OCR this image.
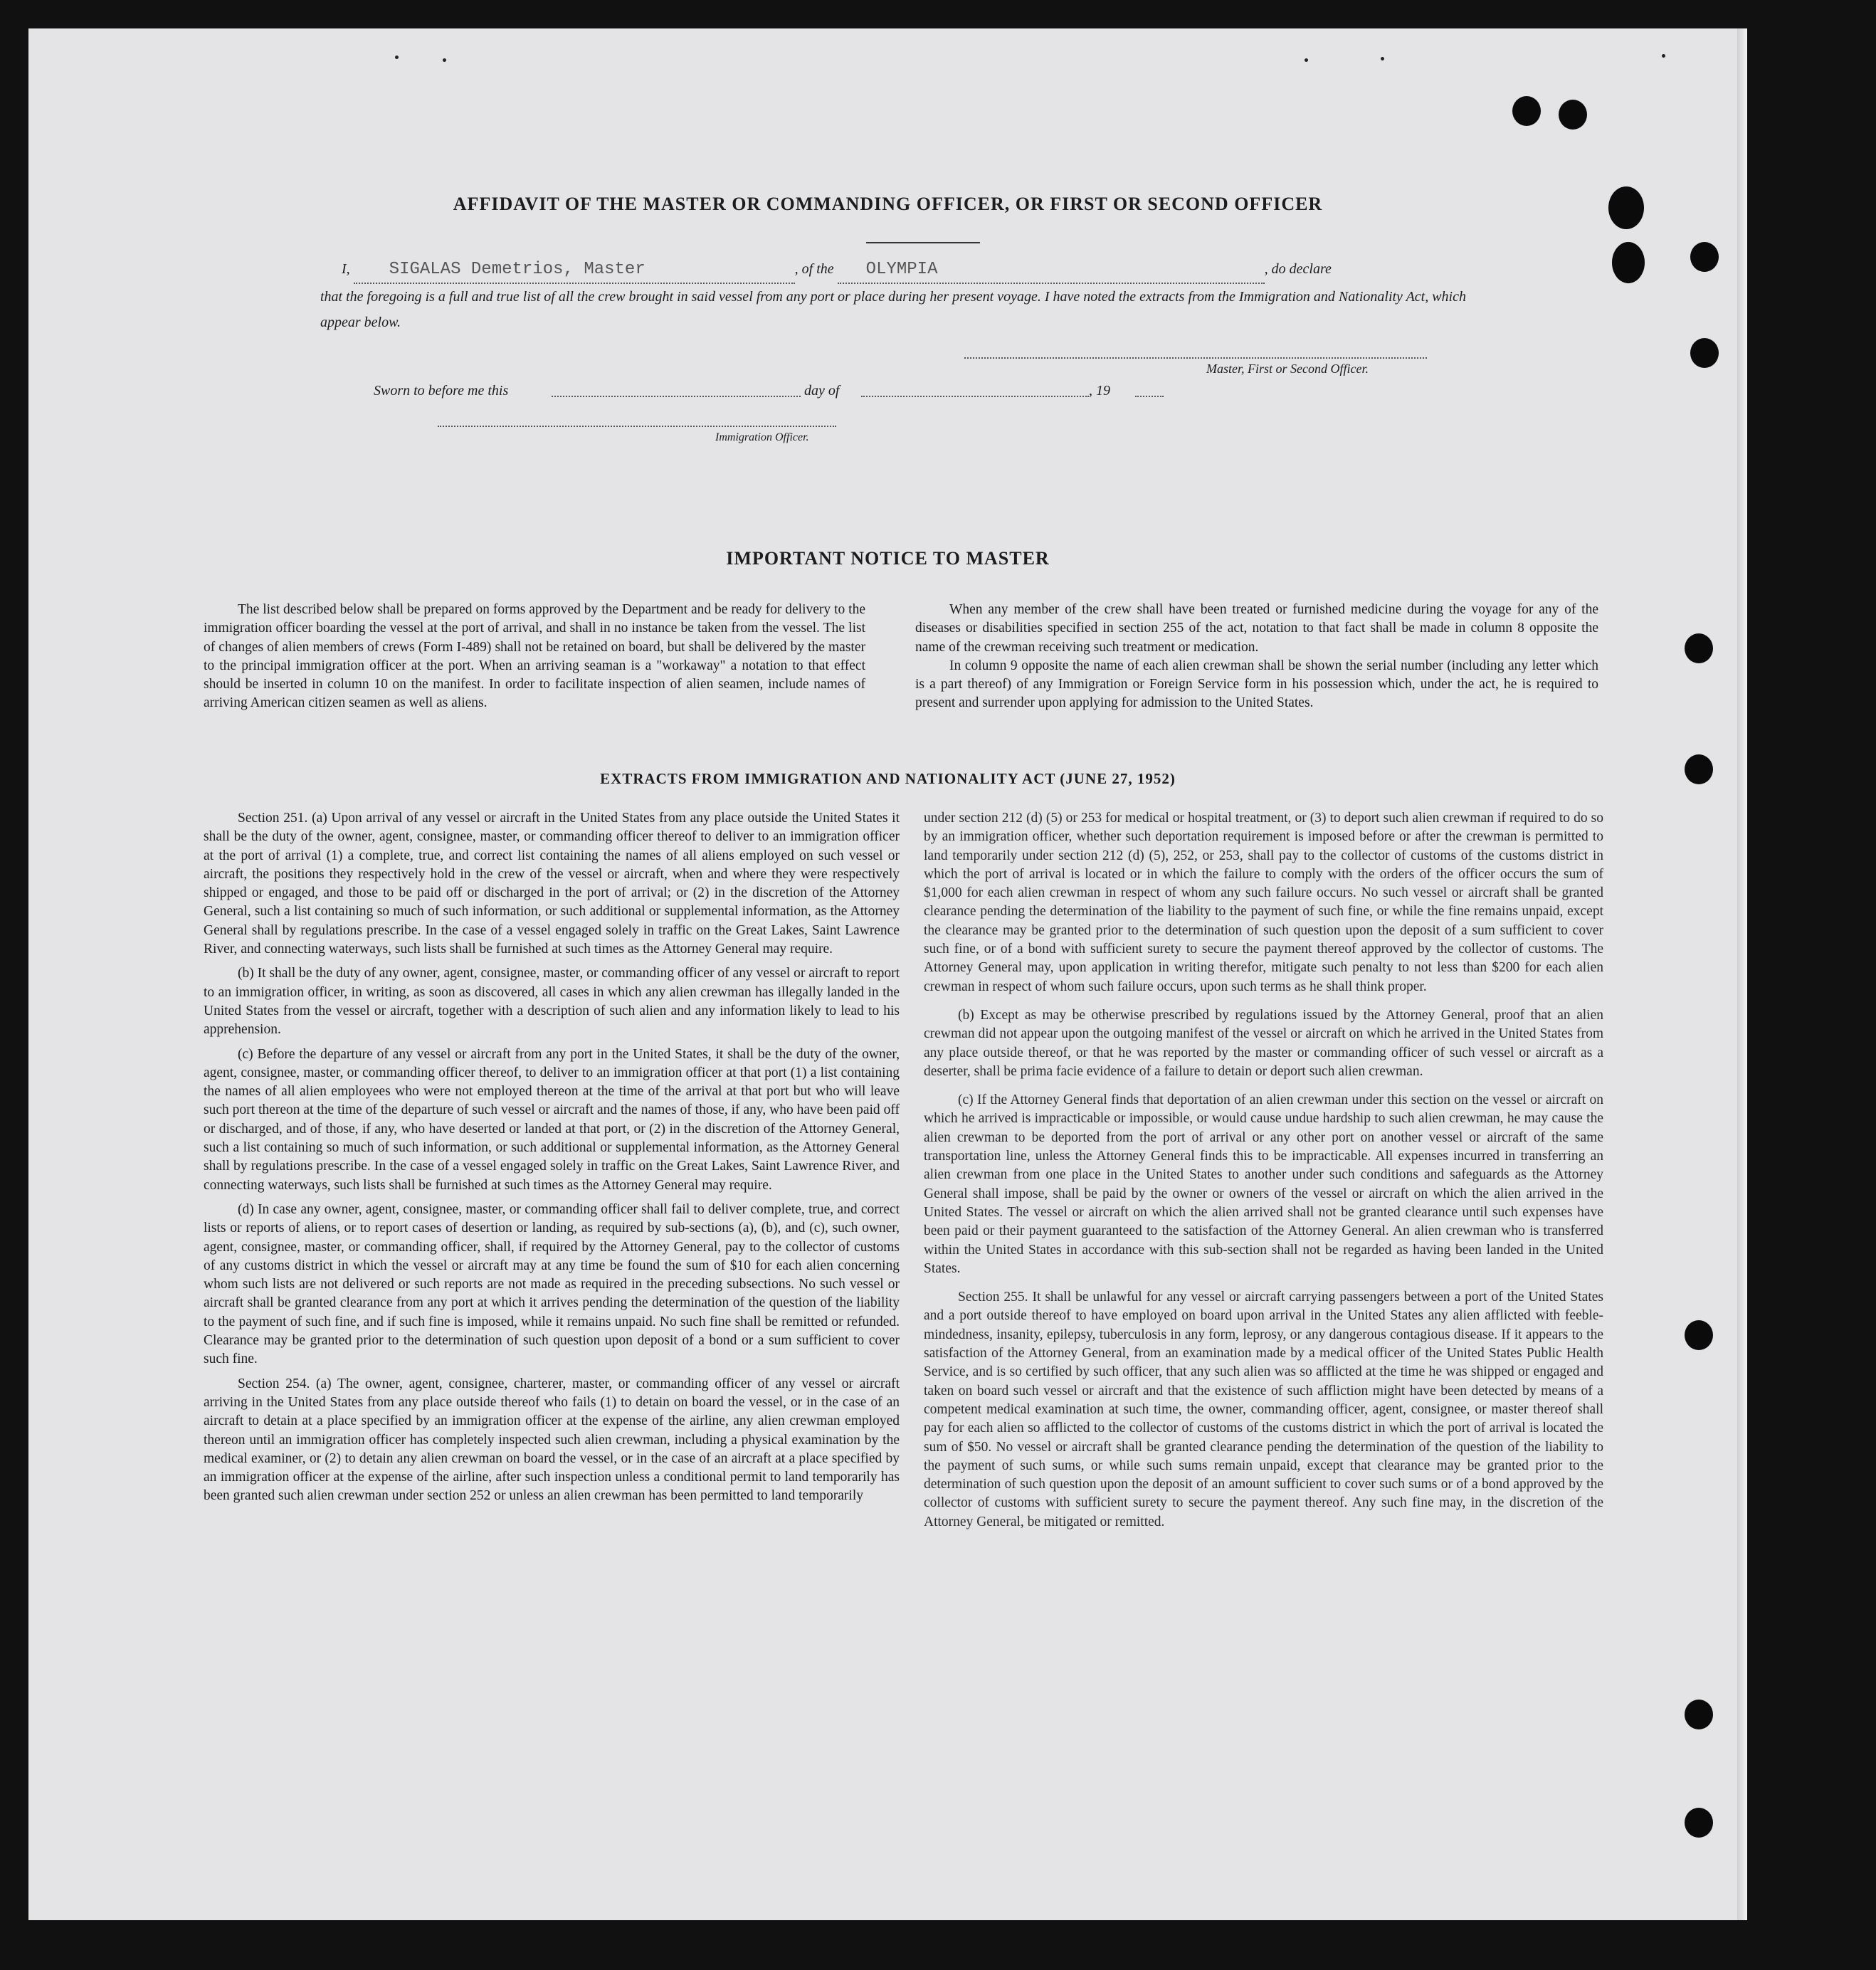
AFFIDAVIT OF THE MASTER OR COMMANDING OFFICER, OR FIRST OR SECOND OFFICER
I, SIGALAS Demetrios, Master	, of the OLYMPIA	, do declare
that the foregoing is a full and true list of all the crew brought in said vessel from any port or place during her present voyage. I have noted the extracts from the Immigration and Nationality Act, which appear below.
Master, First or Second Officer.
Sworn to before me this	day of	, 19
Immigration Officer.
IMPORTANT NOTICE TO MASTER

The list described below shall be prepared on forms approved by the Department and be ready for delivery to the immigration officer boarding the vessel at the port of arrival, and shall in no instance be taken from the vessel. The list of changes of alien members of crews (Form I-489) shall not be retained on board, but shall be delivered by the master to the principal immigration officer at the port. When an arriving seaman is a "workaway" a notation to that effect should be inserted in column 10 on the manifest. In order to facilitate inspection of alien seamen, include names of arriving American citizen seamen as well as aliens.

When any member of the crew shall have been treated or furnished medicine during the voyage for any of the diseases or disabilities specified in section 255 of the act, notation to that fact shall be made in column 8 opposite the name of the crewman receiving such treatment or medication.

In column 9 opposite the name of each alien crewman shall be shown the serial number (including any letter which is a part thereof) of any Immigration or Foreign Service form in his possession which, under the act, he is required to present and surrender upon applying for admission to the United States.

EXTRACTS FROM IMMIGRATION AND NATIONALITY ACT (JUNE 27, 1952)

Section 251. (a) Upon arrival of any vessel or aircraft in the United States from any place outside the United States it shall be the duty of the owner, agent, consignee, master, or commanding officer thereof to deliver to an immigration officer at the port of arrival (1) a complete, true, and correct list containing the names of all aliens employed on such vessel or aircraft, the positions they respectively hold in the crew of the vessel or aircraft, when and where they were respectively shipped or engaged, and those to be paid off or discharged in the port of arrival; or (2) in the discretion of the Attorney General, such a list containing so much of such information, or such additional or supplemental information, as the Attorney General shall by regulations prescribe. In the case of a vessel engaged solely in traffic on the Great Lakes, Saint Lawrence River, and connecting waterways, such lists shall be furnished at such times as the Attorney General may require.

(b) It shall be the duty of any owner, agent, consignee, master, or commanding officer of any vessel or aircraft to report to an immigration officer, in writing, as soon as discovered, all cases in which any alien crewman has illegally landed in the United States from the vessel or aircraft, together with a description of such alien and any information likely to lead to his apprehension.

(c) Before the departure of any vessel or aircraft from any port in the United States, it shall be the duty of the owner, agent, consignee, master, or commanding officer thereof, to deliver to an immigration officer at that port (1) a list containing the names of all alien employees who were not employed thereon at the time of the arrival at that port but who will leave such port thereon at the time of the departure of such vessel or aircraft and the names of those, if any, who have been paid off or discharged, and of those, if any, who have deserted or landed at that port, or (2) in the discretion of the Attorney General, such a list containing so much of such information, or such additional or supplemental information, as the Attorney General shall by regulations prescribe. In the case of a vessel engaged solely in traffic on the Great Lakes, Saint Lawrence River, and connecting waterways, such lists shall be furnished at such times as the Attorney General may require.

(d) In case any owner, agent, consignee, master, or commanding officer shall fail to deliver complete, true, and correct lists or reports of aliens, or to report cases of desertion or landing, as required by sub-sections (a), (b), and (c), such owner, agent, consignee, master, or commanding officer, shall, if required by the Attorney General, pay to the collector of customs of any customs district in which the vessel or aircraft may at any time be found the sum of $10 for each alien concerning whom such lists are not delivered or such reports are not made as required in the preceding subsections. No such vessel or aircraft shall be granted clearance from any port at which it arrives pending the determination of the question of the liability to the payment of such fine, and if such fine is imposed, while it remains unpaid. No such fine shall be remitted or refunded. Clearance may be granted prior to the determination of such question upon deposit of a bond or a sum sufficient to cover such fine.

Section 254. (a) The owner, agent, consignee, charterer, master, or commanding officer of any vessel or aircraft arriving in the United States from any place outside thereof who fails (1) to detain on board the vessel, or in the case of an aircraft to detain at a place specified by an immigration officer at the expense of the airline, any alien crewman employed thereon until an immigration officer has completely inspected such alien crewman, including a physical examination by the medical examiner, or (2) to detain any alien crewman on board the vessel, or in the case of an aircraft at a place specified by an immigration officer at the expense of the airline, after such inspection unless a conditional permit to land temporarily has been granted such alien crewman under section 252 or unless an alien crewman has been permitted to land temporarily

under section 212 (d) (5) or 253 for medical or hospital treatment, or (3) to deport such alien crewman if required to do so by an immigration officer, whether such deportation requirement is imposed before or after the crewman is permitted to land temporarily under section 212 (d) (5), 252, or 253, shall pay to the collector of customs of the customs district in which the port of arrival is located or in which the failure to comply with the orders of the officer occurs the sum of $1,000 for each alien crewman in respect of whom any such failure occurs. No such vessel or aircraft shall be granted clearance pending the determination of the liability to the payment of such fine, or while the fine remains unpaid, except the clearance may be granted prior to the determination of such question upon the deposit of a sum sufficient to cover such fine, or of a bond with sufficient surety to secure the payment thereof approved by the collector of customs. The Attorney General may, upon application in writing therefor, mitigate such penalty to not less than $200 for each alien crewman in respect of whom such failure occurs, upon such terms as he shall think proper.

(b) Except as may be otherwise prescribed by regulations issued by the Attorney General, proof that an alien crewman did not appear upon the outgoing manifest of the vessel or aircraft on which he arrived in the United States from any place outside thereof, or that he was reported by the master or commanding officer of such vessel or aircraft as a deserter, shall be prima facie evidence of a failure to detain or deport such alien crewman.

(c) If the Attorney General finds that deportation of an alien crewman under this section on the vessel or aircraft on which he arrived is impracticable or impossible, or would cause undue hardship to such alien crewman, he may cause the alien crewman to be deported from the port of arrival or any other port on another vessel or aircraft of the same transportation line, unless the Attorney General finds this to be impracticable. All expenses incurred in transferring an alien crewman from one place in the United States to another under such conditions and safeguards as the Attorney General shall impose, shall be paid by the owner or owners of the vessel or aircraft on which the alien arrived in the United States. The vessel or aircraft on which the alien arrived shall not be granted clearance until such expenses have been paid or their payment guaranteed to the satisfaction of the Attorney General. An alien crewman who is transferred within the United States in accordance with this sub-section shall not be regarded as having been landed in the United States.

Section 255. It shall be unlawful for any vessel or aircraft carrying passengers between a port of the United States and a port outside thereof to have employed on board upon arrival in the United States any alien afflicted with feeble-mindedness, insanity, epilepsy, tuberculosis in any form, leprosy, or any dangerous contagious disease. If it appears to the satisfaction of the Attorney General, from an examination made by a medical officer of the United States Public Health Service, and is so certified by such officer, that any such alien was so afflicted at the time he was shipped or engaged and taken on board such vessel or aircraft and that the existence of such affliction might have been detected by means of a competent medical examination at such time, the owner, commanding officer, agent, consignee, or master thereof shall pay for each alien so afflicted to the collector of customs of the customs district in which the port of arrival is located the sum of $50. No vessel or aircraft shall be granted clearance pending the determination of the question of the liability to the payment of such sums, or while such sums remain unpaid, except that clearance may be granted prior to the determination of such question upon the deposit of an amount sufficient to cover such sums or of a bond approved by the collector of customs with sufficient surety to secure the payment thereof. Any such fine may, in the discretion of the Attorney General, be mitigated or remitted.
